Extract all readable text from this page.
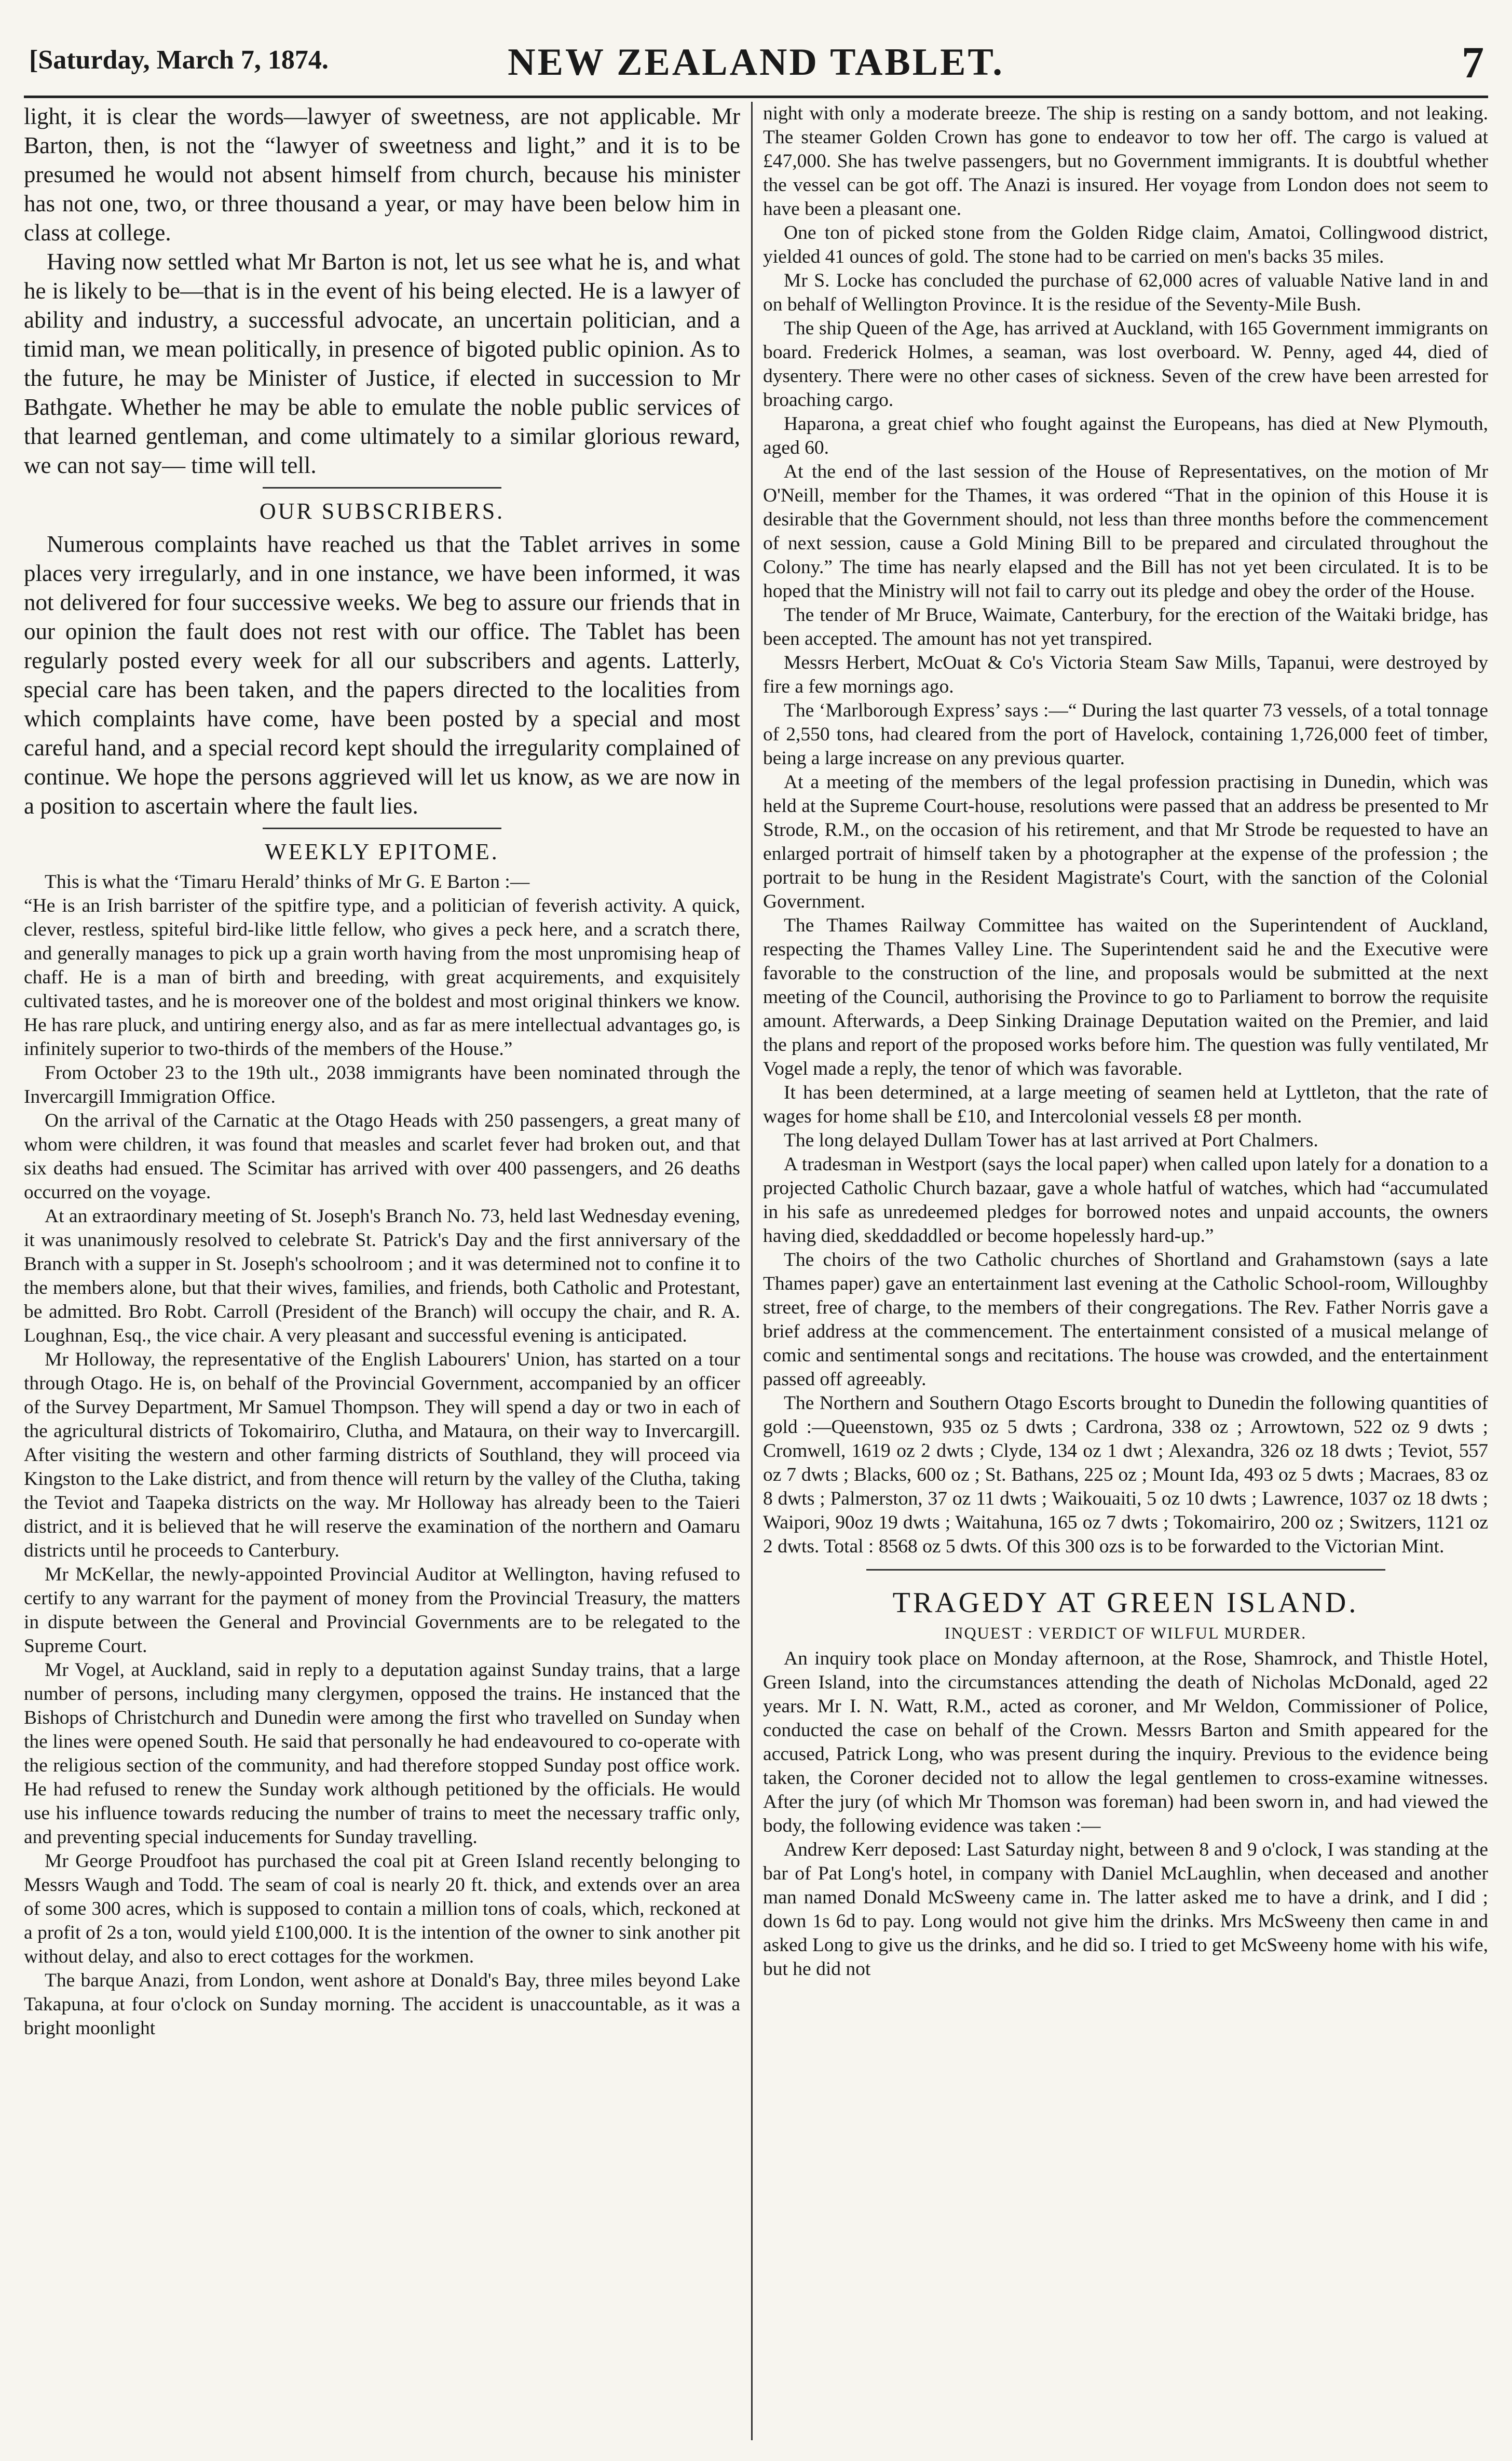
[Saturday, March 7, 1874.	NEW ZEALAND TABLET.	7

light, it is clear the words—lawyer of sweetness, are not applicable. Mr Barton, then, is not the “lawyer of sweetness and light,” and it is to be presumed he would not absent himself from church, because his minister has not one, two, or three thousand a year, or may have been below him in class at college.

Having now settled what Mr Barton is not, let us see what he is, and what he is likely to be—that is in the event of his being elected. He is a lawyer of ability and industry, a successful advocate, an uncertain politician, and a timid man, we mean politically, in presence of bigoted public opinion. As to the future, he may be Minister of Justice, if elected in succession to Mr Bathgate. Whether he may be able to emulate the noble public services of that learned gentleman, and come ultimately to a similar glorious reward, we can not say— time will tell.

OUR SUBSCRIBERS.

Numerous complaints have reached us that the Tablet arrives in some places very irregularly, and in one instance, we have been informed, it was not delivered for four successive weeks. We beg to assure our friends that in our opinion the fault does not rest with our office. The Tablet has been regularly posted every week for all our subscribers and agents. Latterly, special care has been taken, and the papers directed to the localities from which complaints have come, have been posted by a special and most careful hand, and a special record kept should the irregularity complained of continue. We hope the persons aggrieved will let us know, as we are now in a position to ascertain where the fault lies.

WEEKLY EPITOME.

This is what the ‘Timaru Herald’ thinks of Mr G. E Barton :—

“He is an Irish barrister of the spitfire type, and a politician of feverish activity. A quick, clever, restless, spiteful bird-like little fellow, who gives a peck here, and a scratch there, and generally manages to pick up a grain worth having from the most unpromising heap of chaff. He is a man of birth and breeding, with great acquirements, and exquisitely cultivated tastes, and he is moreover one of the boldest and most original thinkers we know. He has rare pluck, and untiring energy also, and as far as mere intellectual advantages go, is infinitely superior to two-thirds of the members of the House.”

From October 23 to the 19th ult., 2038 immigrants have been nominated through the Invercargill Immigration Office.

On the arrival of the Carnatic at the Otago Heads with 250 passengers, a great many of whom were children, it was found that measles and scarlet fever had broken out, and that six deaths had ensued. The Scimitar has arrived with over 400 passengers, and 26 deaths occurred on the voyage.

At an extraordinary meeting of St. Joseph's Branch No. 73, held last Wednesday evening, it was unanimously resolved to celebrate St. Patrick's Day and the first anniversary of the Branch with a supper in St. Joseph's schoolroom ; and it was determined not to confine it to the members alone, but that their wives, families, and friends, both Catholic and Protestant, be admitted. Bro Robt. Carroll (President of the Branch) will occupy the chair, and R. A. Loughnan, Esq., the vice chair. A very pleasant and successful evening is anticipated.

Mr Holloway, the representative of the English Labourers' Union, has started on a tour through Otago. He is, on behalf of the Provincial Government, accompanied by an officer of the Survey Department, Mr Samuel Thompson. They will spend a day or two in each of the agricultural districts of Tokomairiro, Clutha, and Mataura, on their way to Invercargill. After visiting the western and other farming districts of Southland, they will proceed via Kingston to the Lake district, and from thence will return by the valley of the Clutha, taking the Teviot and Taapeka districts on the way. Mr Holloway has already been to the Taieri district, and it is believed that he will reserve the examination of the northern and Oamaru districts until he proceeds to Canterbury.

Mr McKellar, the newly-appointed Provincial Auditor at Wellington, having refused to certify to any warrant for the payment of money from the Provincial Treasury, the matters in dispute between the General and Provincial Governments are to be relegated to the Supreme Court.

Mr Vogel, at Auckland, said in reply to a deputation against Sunday trains, that a large number of persons, including many clergymen, opposed the trains. He instanced that the Bishops of Christchurch and Dunedin were among the first who travelled on Sunday when the lines were opened South. He said that personally he had endeavoured to co-operate with the religious section of the community, and had therefore stopped Sunday post office work. He had refused to renew the Sunday work although petitioned by the officials. He would use his influence towards reducing the number of trains to meet the necessary traffic only, and preventing special inducements for Sunday travelling.

Mr George Proudfoot has purchased the coal pit at Green Island recently belonging to Messrs Waugh and Todd. The seam of coal is nearly 20 ft. thick, and extends over an area of some 300 acres, which is supposed to contain a million tons of coals, which, reckoned at a profit of 2s a ton, would yield £100,000. It is the intention of the owner to sink another pit without delay, and also to erect cottages for the workmen.

The barque Anazi, from London, went ashore at Donald's Bay, three miles beyond Lake Takapuna, at four o'clock on Sunday morning. The accident is unaccountable, as it was a bright moonlight

night with only a moderate breeze. The ship is resting on a sandy bottom, and not leaking. The steamer Golden Crown has gone to endeavor to tow her off. The cargo is valued at £47,000. She has twelve passengers, but no Government immigrants. It is doubtful whether the vessel can be got off. The Anazi is insured. Her voyage from London does not seem to have been a pleasant one.

One ton of picked stone from the Golden Ridge claim, Amatoi, Collingwood district, yielded 41 ounces of gold. The stone had to be carried on men's backs 35 miles.

Mr S. Locke has concluded the purchase of 62,000 acres of valuable Native land in and on behalf of Wellington Province. It is the residue of the Seventy-Mile Bush.

The ship Queen of the Age, has arrived at Auckland, with 165 Government immigrants on board. Frederick Holmes, a seaman, was lost overboard. W. Penny, aged 44, died of dysentery. There were no other cases of sickness. Seven of the crew have been arrested for broaching cargo.

Haparona, a great chief who fought against the Europeans, has died at New Plymouth, aged 60.

At the end of the last session of the House of Representatives, on the motion of Mr O'Neill, member for the Thames, it was ordered “That in the opinion of this House it is desirable that the Government should, not less than three months before the commencement of next session, cause a Gold Mining Bill to be prepared and circulated throughout the Colony.” The time has nearly elapsed and the Bill has not yet been circulated. It is to be hoped that the Ministry will not fail to carry out its pledge and obey the order of the House.

The tender of Mr Bruce, Waimate, Canterbury, for the erection of the Waitaki bridge, has been accepted. The amount has not yet transpired.

Messrs Herbert, McOuat & Co's Victoria Steam Saw Mills, Tapanui, were destroyed by fire a few mornings ago.

The ‘Marlborough Express’ says :—“ During the last quarter 73 vessels, of a total tonnage of 2,550 tons, had cleared from the port of Havelock, containing 1,726,000 feet of timber, being a large increase on any previous quarter.

At a meeting of the members of the legal profession practising in Dunedin, which was held at the Supreme Court-house, resolutions were passed that an address be presented to Mr Strode, R.M., on the occasion of his retirement, and that Mr Strode be requested to have an enlarged portrait of himself taken by a photographer at the expense of the profession ; the portrait to be hung in the Resident Magistrate's Court, with the sanction of the Colonial Government.

The Thames Railway Committee has waited on the Superintendent of Auckland, respecting the Thames Valley Line. The Superintendent said he and the Executive were favorable to the construction of the line, and proposals would be submitted at the next meeting of the Council, authorising the Province to go to Parliament to borrow the requisite amount. Afterwards, a Deep Sinking Drainage Deputation waited on the Premier, and laid the plans and report of the proposed works before him. The question was fully ventilated, Mr Vogel made a reply, the tenor of which was favorable.

It has been determined, at a large meeting of seamen held at Lyttleton, that the rate of wages for home shall be £10, and Intercolonial vessels £8 per month.

The long delayed Dullam Tower has at last arrived at Port Chalmers.

A tradesman in Westport (says the local paper) when called upon lately for a donation to a projected Catholic Church bazaar, gave a whole hatful of watches, which had “accumulated in his safe as unredeemed pledges for borrowed notes and unpaid accounts, the owners having died, skeddaddled or become hopelessly hard-up.”

The choirs of the two Catholic churches of Shortland and Grahamstown (says a late Thames paper) gave an entertainment last evening at the Catholic School-room, Willoughby street, free of charge, to the members of their congregations. The Rev. Father Norris gave a brief address at the commencement. The entertainment consisted of a musical melange of comic and sentimental songs and recitations. The house was crowded, and the entertainment passed off agreeably.

The Northern and Southern Otago Escorts brought to Dunedin the following quantities of gold :—Queenstown, 935 oz 5 dwts ; Cardrona, 338 oz ; Arrowtown, 522 oz 9 dwts ; Cromwell, 1619 oz 2 dwts ; Clyde, 134 oz 1 dwt ; Alexandra, 326 oz 18 dwts ; Teviot, 557 oz 7 dwts ; Blacks, 600 oz ; St. Bathans, 225 oz ; Mount Ida, 493 oz 5 dwts ; Macraes, 83 oz 8 dwts ; Palmerston, 37 oz 11 dwts ; Waikouaiti, 5 oz 10 dwts ; Lawrence, 1037 oz 18 dwts ; Waipori, 90oz 19 dwts ; Waitahuna, 165 oz 7 dwts ; Tokomairiro, 200 oz ; Switzers, 1121 oz 2 dwts. Total : 8568 oz 5 dwts. Of this 300 ozs is to be forwarded to the Victorian Mint.

TRAGEDY AT GREEN ISLAND.
INQUEST : VERDICT OF WILFUL MURDER.

An inquiry took place on Monday afternoon, at the Rose, Shamrock, and Thistle Hotel, Green Island, into the circumstances attending the death of Nicholas McDonald, aged 22 years. Mr I. N. Watt, R.M., acted as coroner, and Mr Weldon, Commissioner of Police, conducted the case on behalf of the Crown. Messrs Barton and Smith appeared for the accused, Patrick Long, who was present during the inquiry. Previous to the evidence being taken, the Coroner decided not to allow the legal gentlemen to cross-examine witnesses. After the jury (of which Mr Thomson was foreman) had been sworn in, and had viewed the body, the following evidence was taken :—

Andrew Kerr deposed: Last Saturday night, between 8 and 9 o'clock, I was standing at the bar of Pat Long's hotel, in company with Daniel McLaughlin, when deceased and another man named Donald McSweeny came in. The latter asked me to have a drink, and I did ; down 1s 6d to pay. Long would not give him the drinks. Mrs McSweeny then came in and asked Long to give us the drinks, and he did so. I tried to get McSweeny home with his wife, but he did not
